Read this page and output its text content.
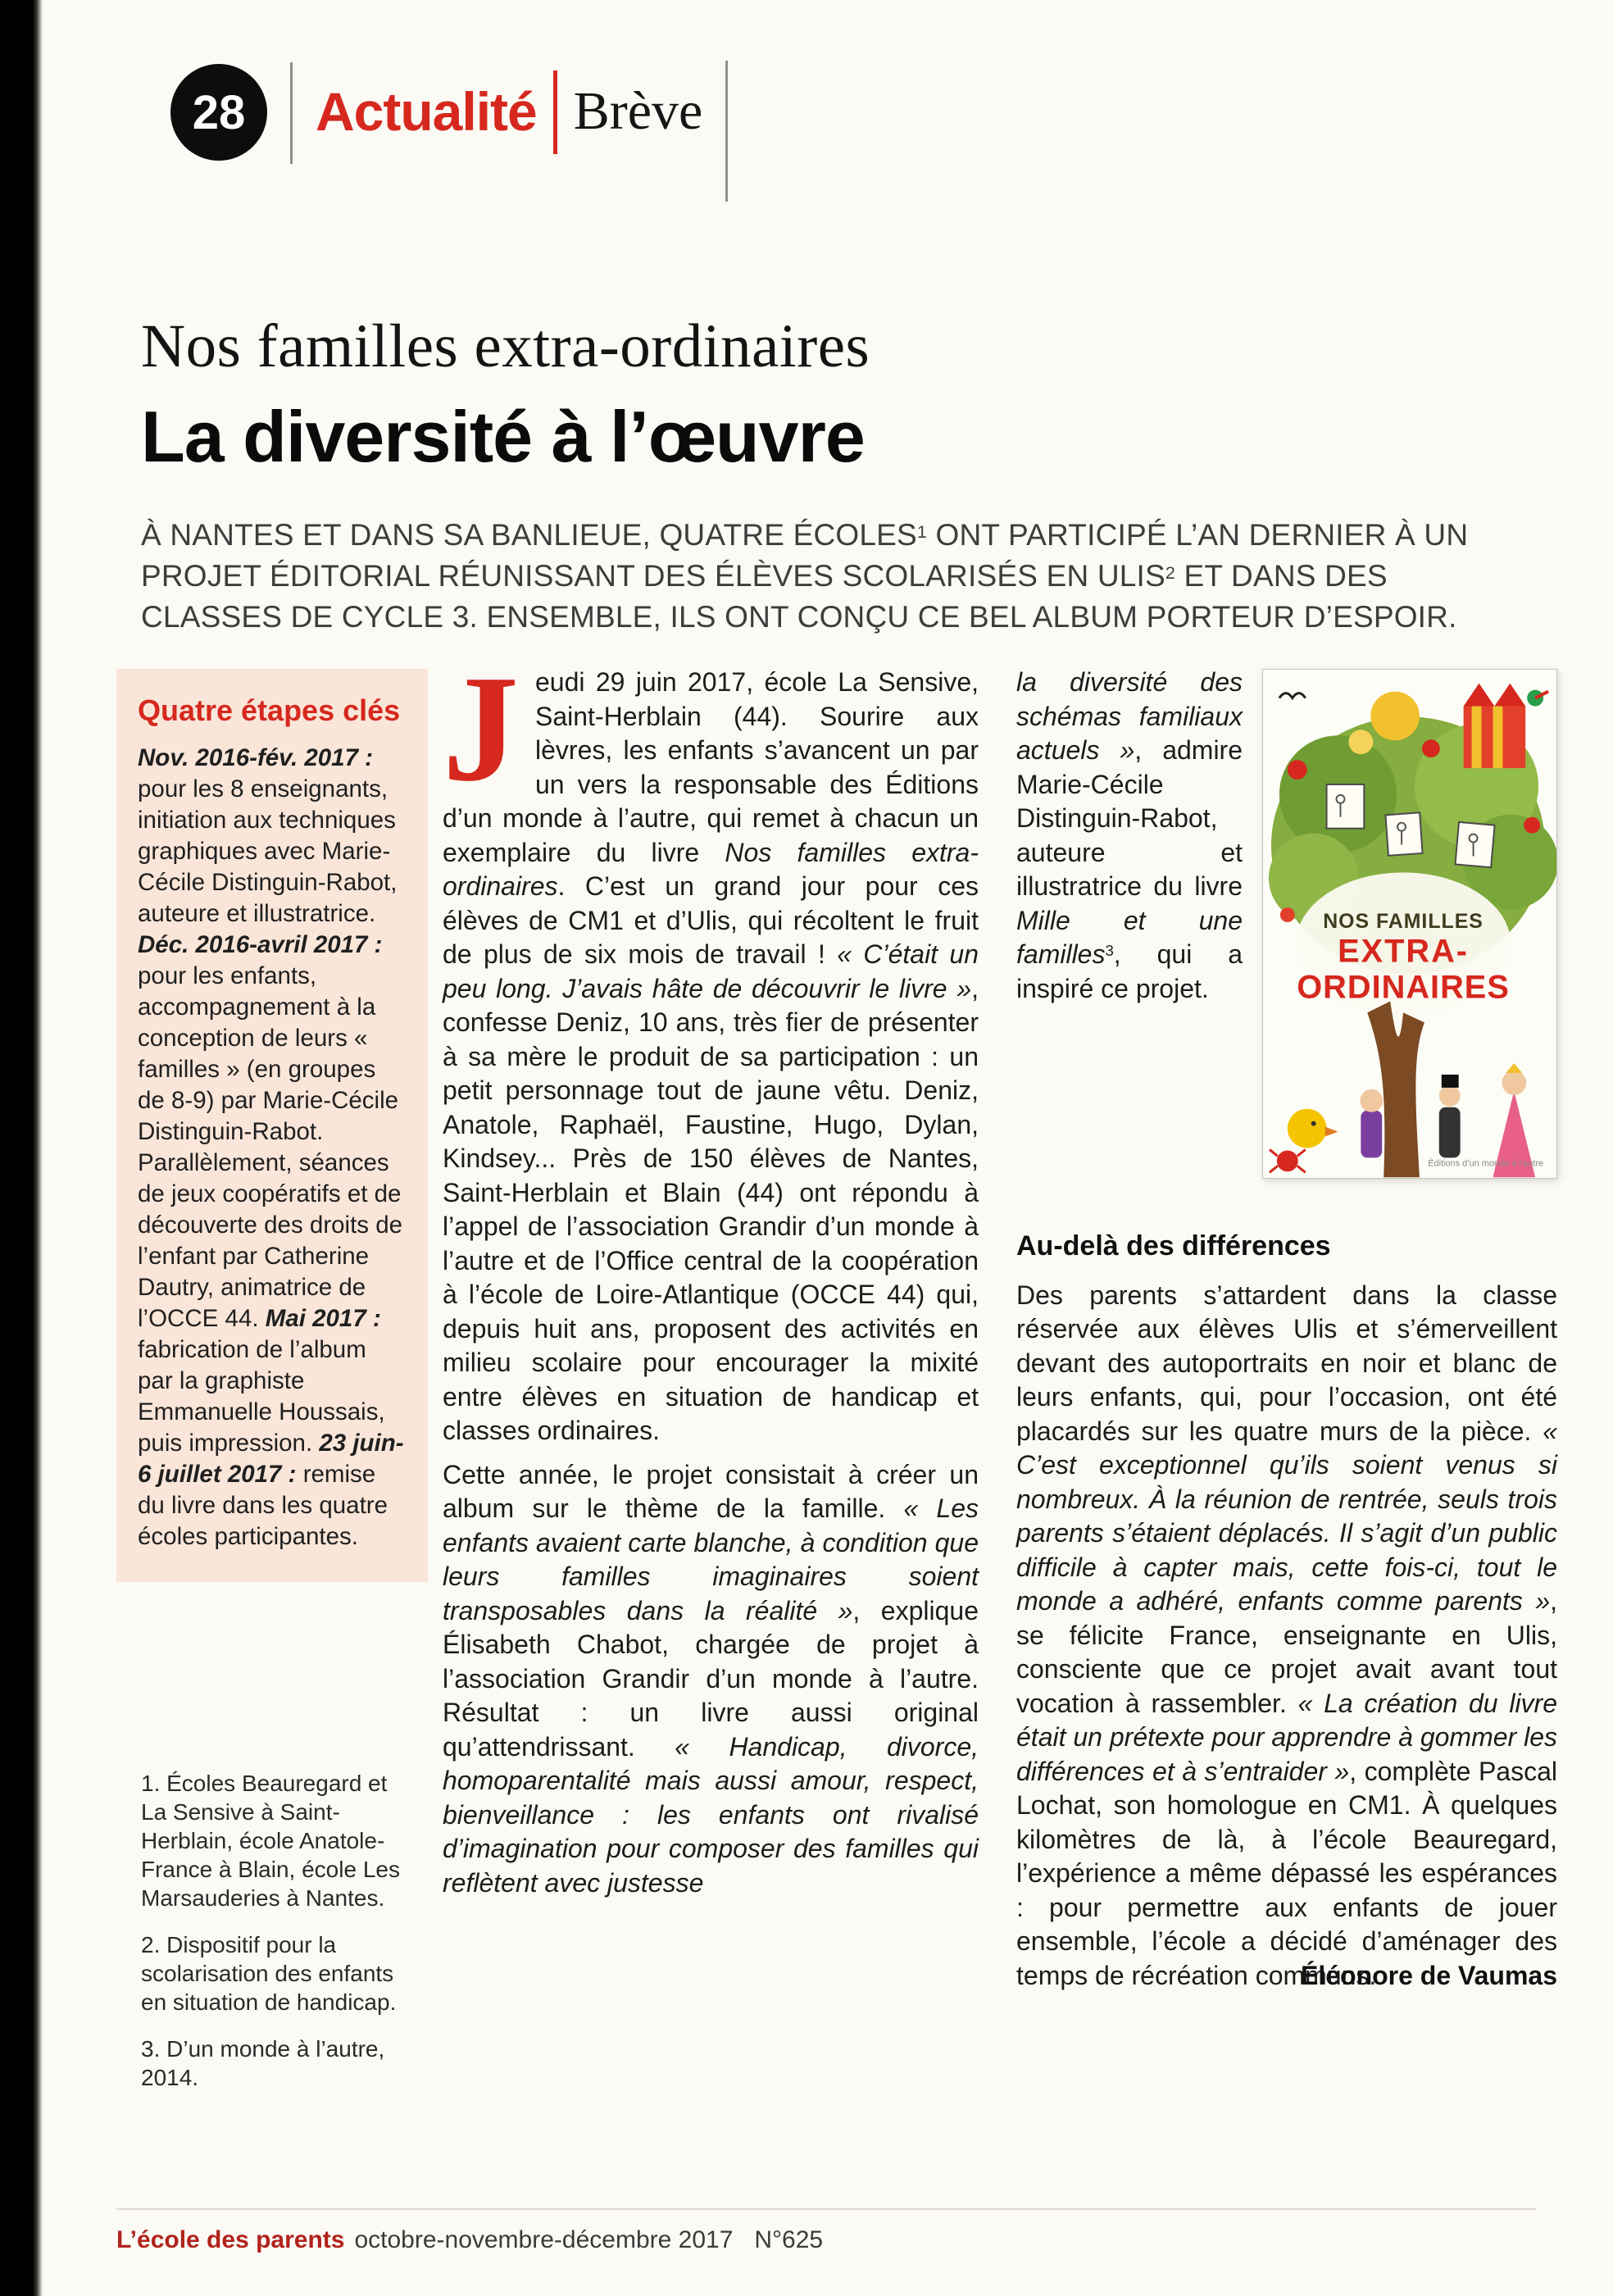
28	Actualité Brève
Nos familles extra-ordinaires
La diversité à l’œuvre

À NANTES ET DANS SA BANLIEUE, QUATRE ÉCOLES$^1$ ONT PARTICIPÉ L’AN DERNIER À UN PROJET ÉDITORIAL RÉUNISSANT DES ÉLÈVES SCOLARISÉS EN ULIS$^2$ ET DANS DES CLASSES DE CYCLE 3. ENSEMBLE, ILS ONT CONÇU CE BEL ALBUM PORTEUR D’ESPOIR.

Quatre étapes clés

Nov. 2016-fév. 2017 : pour les 8 enseignants, initiation aux techniques graphiques avec Marie-Cécile Distinguin-Rabot, auteure et illustratrice. Déc. 2016-avril 2017 : pour les enfants, accompagnement à la conception de leurs « familles » (en groupes de 8-9) par Marie-Cécile Distinguin-Rabot. Parallèlement, séances de jeux coopératifs et de découverte des droits de l’enfant par Catherine Dautry, animatrice de l’OCCE 44. Mai 2017 : fabrication de l’album par la graphiste Emmanuelle Houssais, puis impression. 23 juin-6 juillet 2017 : remise du livre dans les quatre écoles participantes.

1. Écoles Beauregard et La Sensive à Saint-Herblain, école Anatole-France à Blain, école Les Marsauderies à Nantes.

2. Dispositif pour la scolarisation des enfants en situation de handicap.

3. D’un monde à l’autre, 2014.

Jeudi 29 juin 2017, école La Sensive, Saint-Herblain (44). Sourire aux lèvres, les enfants s’avancent un par un vers la responsable des Éditions d’un monde à l’autre, qui remet à chacun un exemplaire du livre Nos familles extra-ordinaires. C’est un grand jour pour ces élèves de CM1 et d’Ulis, qui récoltent le fruit de plus de six mois de travail ! « C’était un peu long. J’avais hâte de découvrir le livre », confesse Deniz, 10 ans, très fier de présenter à sa mère le produit de sa participation : un petit personnage tout de jaune vêtu. Deniz, Anatole, Raphaël, Faustine, Hugo, Dylan, Kindsey... Près de 150 élèves de Nantes, Saint-Herblain et Blain (44) ont répondu à l’appel de l’association Grandir d’un monde à l’autre et de l’Office central de la coopération à l’école de Loire-Atlantique (OCCE 44) qui, depuis huit ans, proposent des activités en milieu scolaire pour encourager la mixité entre élèves en situation de handicap et classes ordinaires.

Cette année, le projet consistait à créer un album sur le thème de la famille. « Les enfants avaient carte blanche, à condition que leurs familles imaginaires soient transposables dans la réalité », explique Élisabeth Chabot, chargée de projet à l’association Grandir d’un monde à l’autre. Résultat : un livre aussi original qu’attendrissant. « Handicap, divorce, homoparentalité mais aussi amour, respect, bienveillance : les enfants ont rivalisé d’imagination pour composer des familles qui reflètent avec justesse

NOS FAMILLES
EXTRA-
ORDINAIRES
Éditions d’un monde à l’autre

la diversité des schémas familiaux actuels », admire Marie-Cécile Distinguin-Rabot, auteure et illustratrice du livre Mille et une familles$^3$, qui a inspiré ce projet.

Au-delà des différences

Des parents s’attardent dans la classe réservée aux élèves Ulis et s’émerveillent devant des autoportraits en noir et blanc de leurs enfants, qui, pour l’occasion, ont été placardés sur les quatre murs de la pièce. « C’est exceptionnel qu’ils soient venus si nombreux. À la réunion de rentrée, seuls trois parents s’étaient déplacés. Il s’agit d’un public difficile à capter mais, cette fois-ci, tout le monde a adhéré, enfants comme parents », se félicite France, enseignante en Ulis, consciente que ce projet avait avant tout vocation à rassembler. « La création du livre était un prétexte pour apprendre à gommer les différences et à s’entraider », complète Pascal Lochat, son homologue en CM1. À quelques kilomètres de là, à l’école Beauregard, l’expérience a même dépassé les espérances : pour permettre aux enfants de jouer ensemble, l’école a décidé d’aménager des temps de récréation communs.

Éléonore de Vaumas
L’école des parents octobre-novembre-décembre 2017 N°625
